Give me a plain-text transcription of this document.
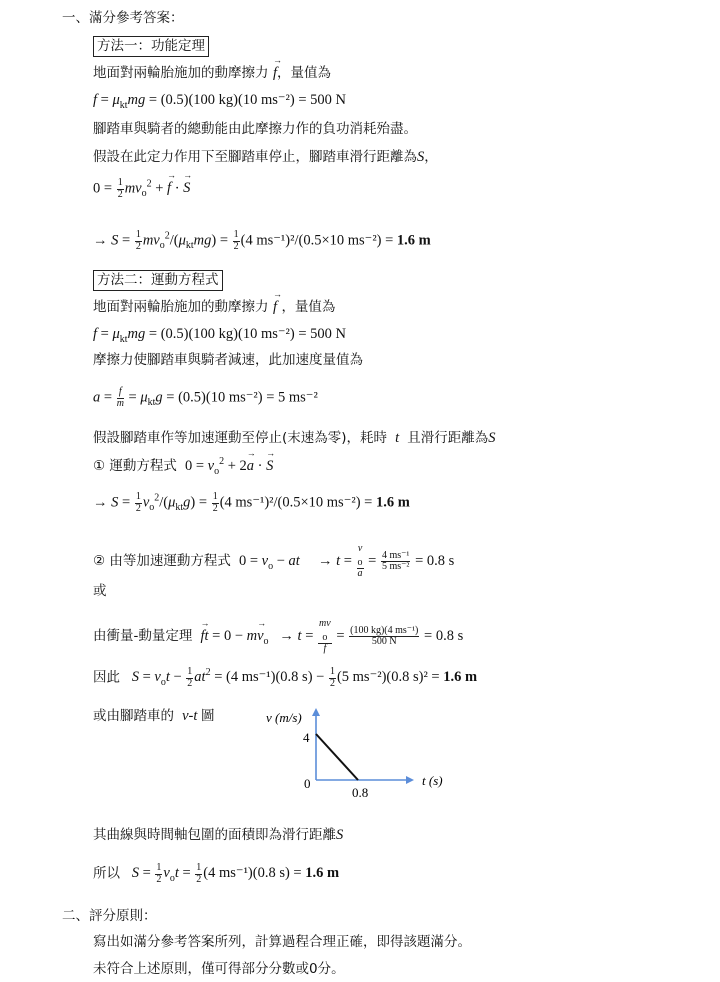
一、滿分參考答案：
方法一：功能定理
地面對兩輪胎施加的動摩擦力 → f，量值為
$f = \mu_{kt}mg = (0.5)(100$ kg)(10 ms⁻²) = 500 N
腳踏車與騎者的總動能由此摩擦力作的負功消耗殆盡。
假設在此定力作用下至腳踏車停止，腳踏車滑行距離為S，
$0 = \frac{1}{2} mv_o^2$ + → f · → S
→ $S = \frac{1}{2} mv_o^2/(\mu_{kt}mg) = \frac{1}{2} (4$ ms⁻¹)²/(0.5×10 ms⁻²) = 1.6 m
方法二：運動方程式
地面對兩輪胎施加的動摩擦力 → f ，量值為
$f = \mu_{kt}mg = (0.5)(100$ kg)(10 ms⁻²) = 500 N
摩擦力使腳踏車與騎者減速，此加速度量值為
$a = \frac{f}{m} = \mu_{kt}g = (0.5)(10$ ms⁻²) = 5 ms⁻²
假設腳踏車作等加速運動至停止(末速為零)，耗時  t  且滑行距離為S
① 運動方程式  $0 = v_o^2 + 2\to a$ · → S
→ $S = \frac{1}{2} v_o^2/(\mu_{kt}g) = \frac{1}{2} (4$ ms⁻¹)²/(0.5×10 ms⁻²) = 1.6 m
② 由等加速運動方程式  $0 = v_o$ − at     → t = v
$_o$
$a = \frac{\text{4 ms⁻¹}}{\text{5 ms⁻²}} = 0.8$ s
或
由衝量-動量定理 → ft = $0 - m\to v_o \to t$ = mv
$_o$
$f = \frac{\text{(100 kg)(4 ms⁻¹)}}{500 N} = 0.8$ s
因此 $S = v_ot - \frac{1}{2} at^2 = (4$ ms⁻¹)(0.8 $s) - \frac{1}{2} (5$ ms⁻²)(0.8 s)² = 1.6 m
或由腳踏車的  v-t 圖	v (m/s)
4
0
0.8
t (s)
其曲線與時間軸包圍的面積即為滑行距離S
所以 $S = \frac{1}{2} v_ot = \frac{1}{2} (4$ ms⁻¹)(0.8 s) = 1.6 m
二、評分原則：
寫出如滿分參考答案所列，計算過程合理正確，即得該題滿分。
未符合上述原則，僅可得部分分數或0分。
